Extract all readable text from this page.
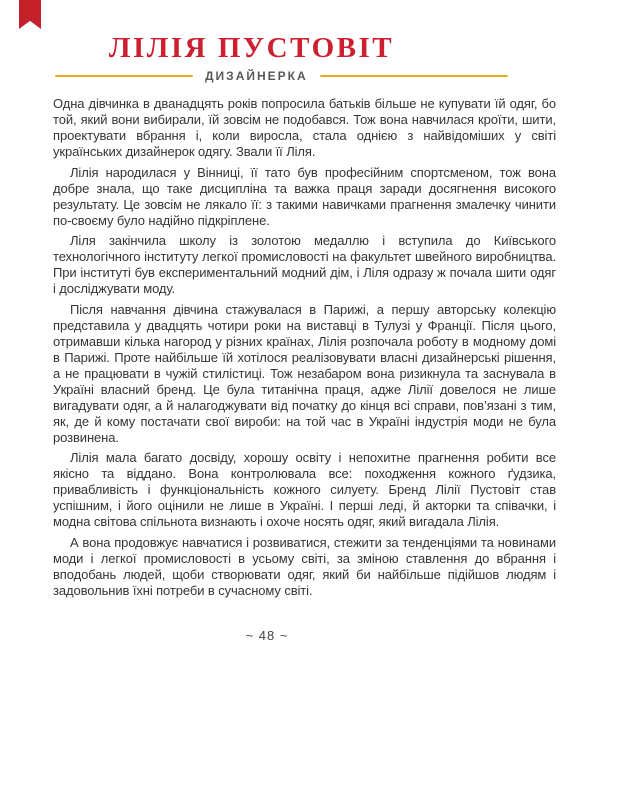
ЛІЛІЯ ПУСТОВІТ
ДИЗАЙНЕРКА

Одна дівчинка в дванадцять років попросила батьків більше не купувати їй одяг, бо той, який вони вибирали, їй зовсім не подобався. Тож вона навчилася кроїти, шити, проектувати вбрання і, коли виросла, стала однією з найвідоміших у світі українських дизайнерок одягу. Звали її Ліля.

Лілія народилася у Вінниці, її тато був професійним спортсменом, тож вона добре знала, що таке дисципліна та важка праця заради досягнення високого результату. Це зовсім не лякало її: з такими навичками прагнення змалечку чинити по-своєму було надійно підкріплене.

Ліля закінчила школу із золотою медаллю і вступила до Київського технологічного інституту легкої промисловості на факультет швейного виробництва. При інституті був експериментальний модний дім, і Ліля одразу ж почала шити одяг і досліджувати моду.

Після навчання дівчина стажувалася в Парижі, а першу авторську колекцію представила у двадцять чотири роки на виставці в Тулузі у Франції. Після цього, отримавши кілька нагород у різних країнах, Лілія розпочала роботу в модному домі в Парижі. Проте найбільше їй хотілося реалізовувати власні дизайнерські рішення, а не працювати в чужій стилістиці. Тож незабаром вона ризикнула та заснувала в Україні власний бренд. Це була титанічна праця, адже Лілії довелося не лише вигадувати одяг, а й налагоджувати від початку до кінця всі справи, пов’язані з тим, як, де й кому постачати свої вироби: на той час в Україні індустрія моди не була розвинена.

Лілія мала багато досвіду, хорошу освіту і непохитне прагнення робити все якісно та віддано. Вона контролювала все: походження кожного ґудзика, привабливість і функціональність кожного силуету. Бренд Лілії Пустовіт став успішним, і його оцінили не лише в Україні. І перші леді, й акторки та співачки, і модна світова спільнота визнають і охоче носять одяг, який вигадала Лілія.

А вона продовжує навчатися і розвиватися, стежити за тенденціями та новинами моди і легкої промисловості в усьому світі, за зміною ставлення до вбрання і вподобань людей, щоби створювати одяг, який би найбільше підійшов людям і задовольнив їхні потреби в сучасному світі.

~ 48 ~
